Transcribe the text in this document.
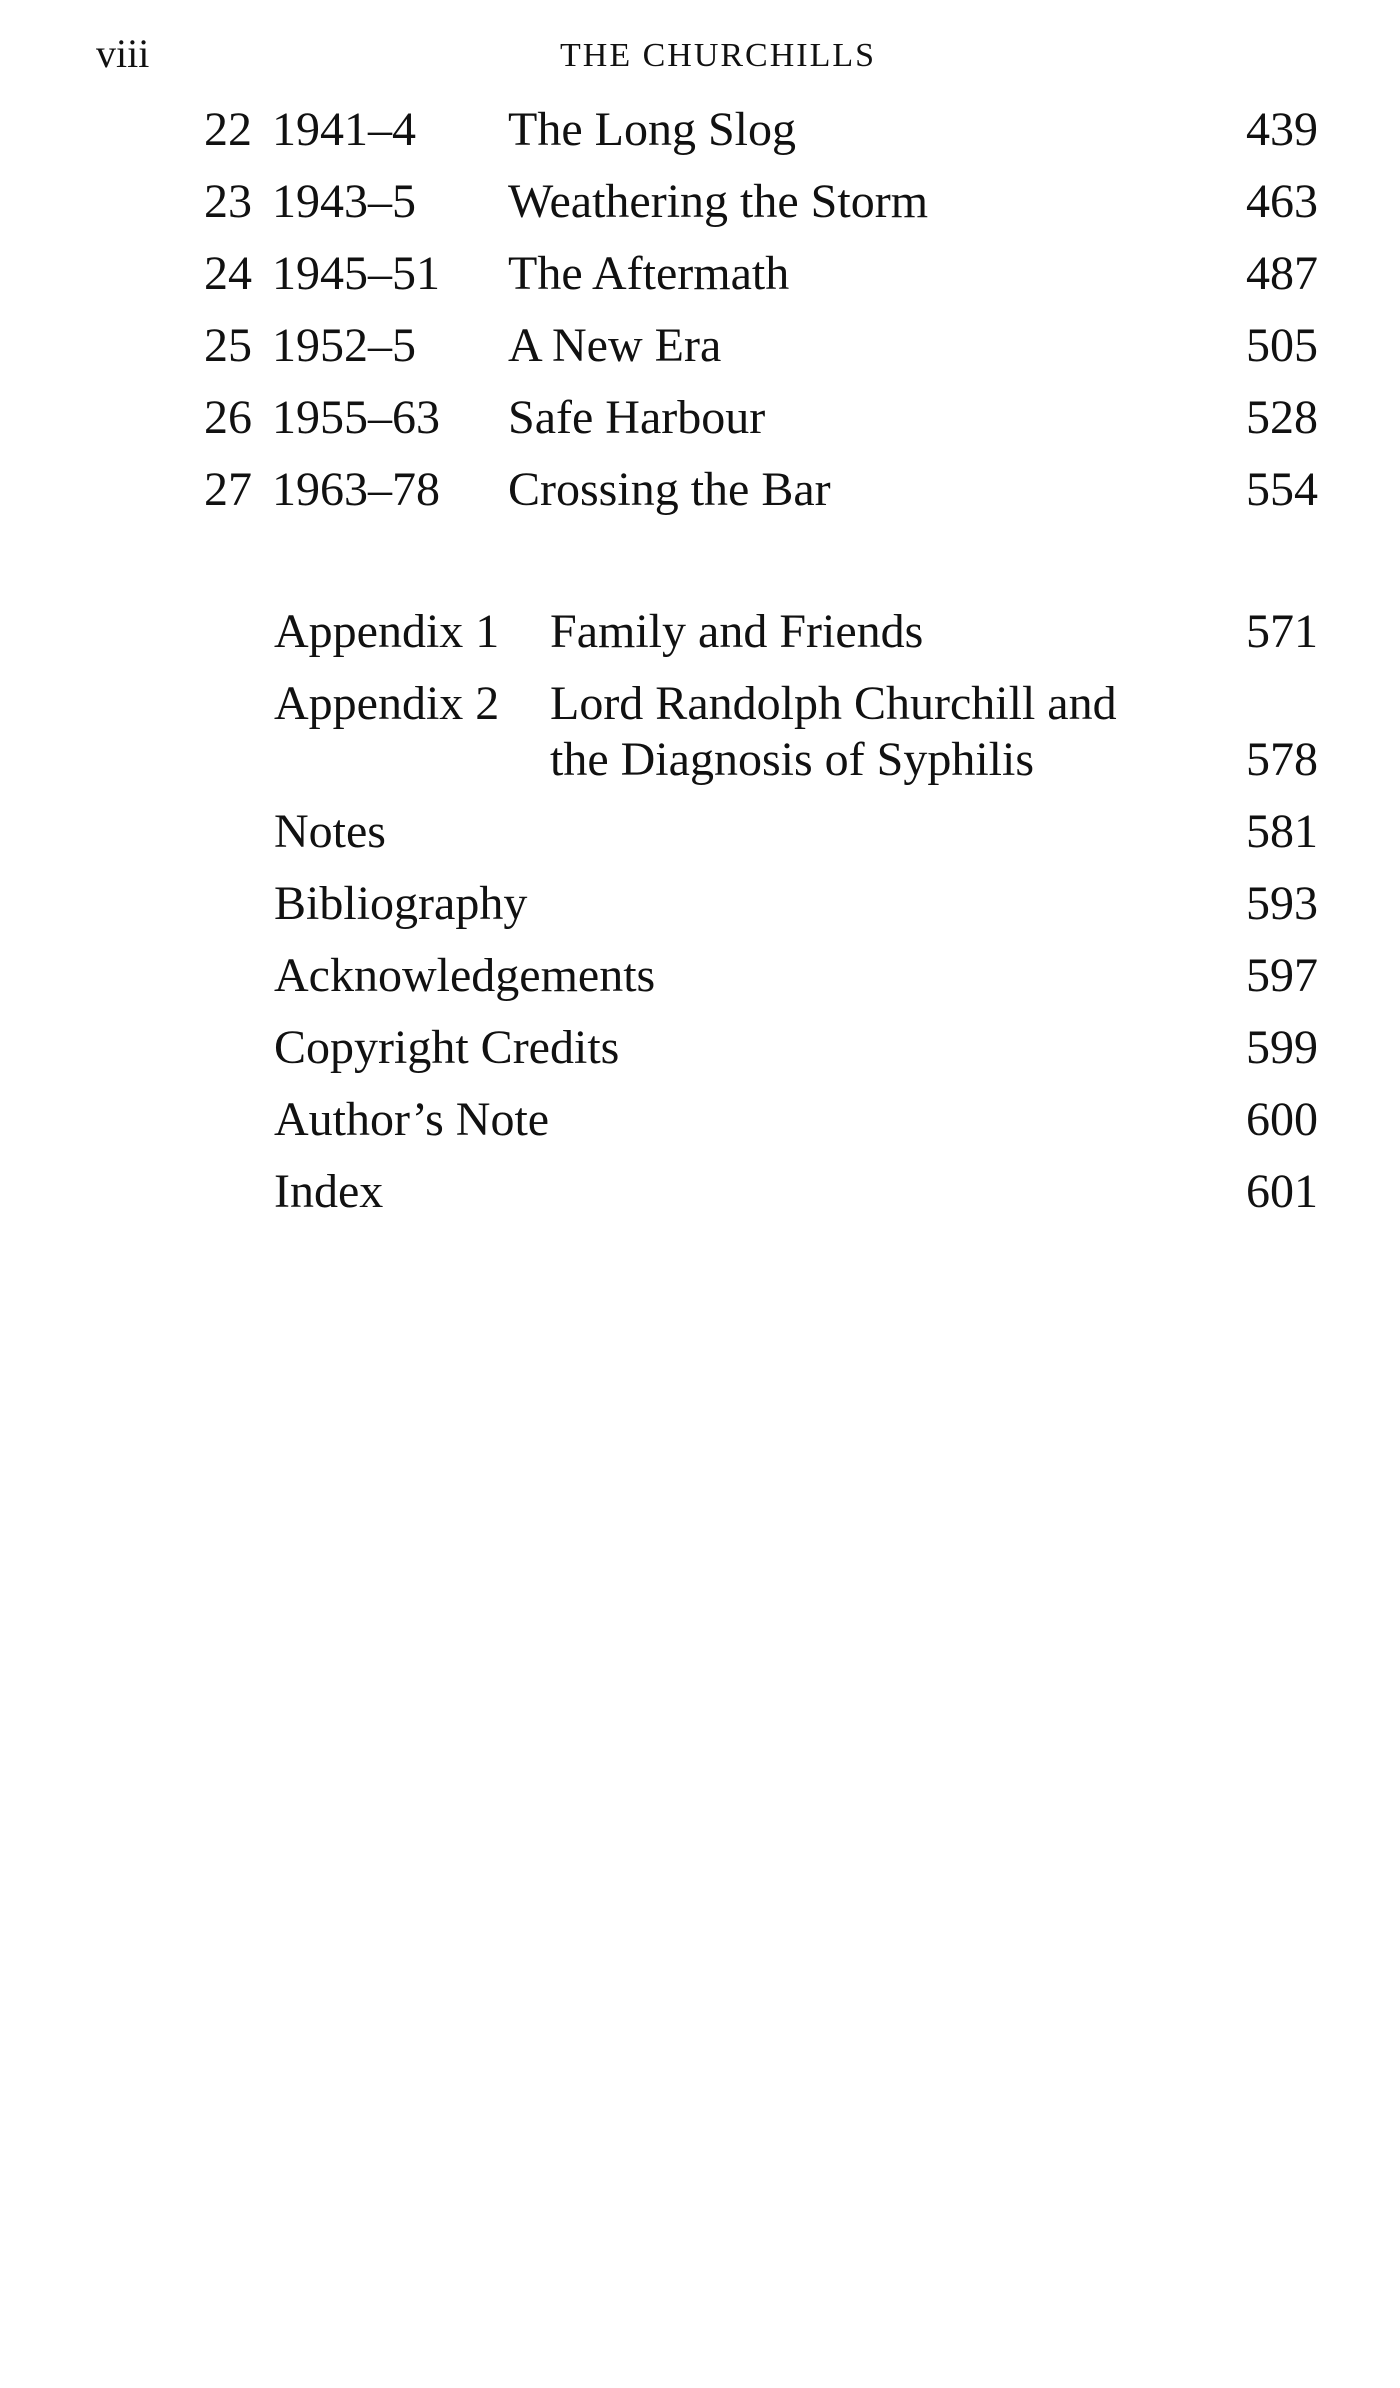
viii	THE CHURCHILLS
22 1941–4 The Long Slog	439
23 1943–5 Weathering the Storm	463
24 1945–51 The Aftermath	487
25 1952–5 A New Era	505
26 1955–63 Safe Harbour	528
27 1963–78 Crossing the Bar	554
Appendix 1 Family and Friends	571
Appendix 2 Lord Randolph Churchill and
the Diagnosis of Syphilis	578
Notes	581
Bibliography	593
Acknowledgements	597
Copyright Credits	599
Author’s Note	600
Index	601
